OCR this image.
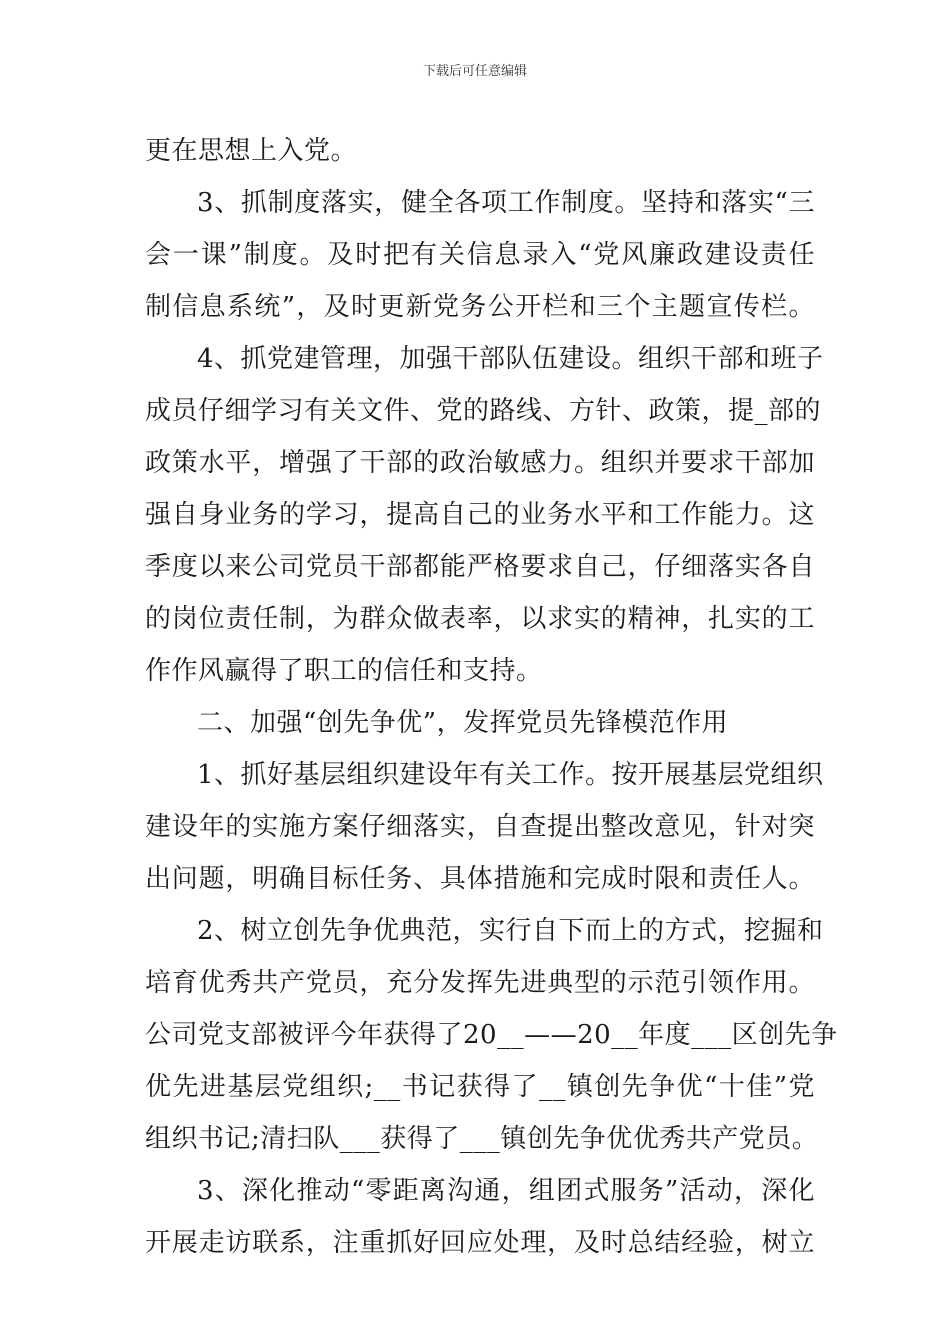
下载后可任意编辑
更在思想上入党。
3、抓制度落实，健全各项工作制度。坚持和落实“三
会一课”制度。及时把有关信息录入“党风廉政建设责任
制信息系统”，及时更新党务公开栏和三个主题宣传栏。
4、抓党建管理，加强干部队伍建设。组织干部和班子
成员仔细学习有关文件、党的路线、方针、政策，提_部的
政策水平，增强了干部的政治敏感力。组织并要求干部加
强自身业务的学习，提高自己的业务水平和工作能力。这
季度以来公司党员干部都能严格要求自己，仔细落实各自
的岗位责任制，为群众做表率，以求实的精神，扎实的工
作作风赢得了职工的信任和支持。
二、加强“创先争优”，发挥党员先锋模范作用
1、抓好基层组织建设年有关工作。按开展基层党组织
建设年的实施方案仔细落实，自查提出整改意见，针对突
出问题，明确目标任务、具体措施和完成时限和责任人。
2、树立创先争优典范，实行自下而上的方式，挖掘和
培育优秀共产党员，充分发挥先进典型的示范引领作用。
公司党支部被评今年获得了20__——20__年度___区创先争
优先进基层党组织;__书记获得了__镇创先争优“十佳”党
组织书记;清扫队___获得了___镇创先争优优秀共产党员。
3、深化推动“零距离沟通，组团式服务”活动，深化
开展走访联系，注重抓好回应处理，及时总结经验，树立
